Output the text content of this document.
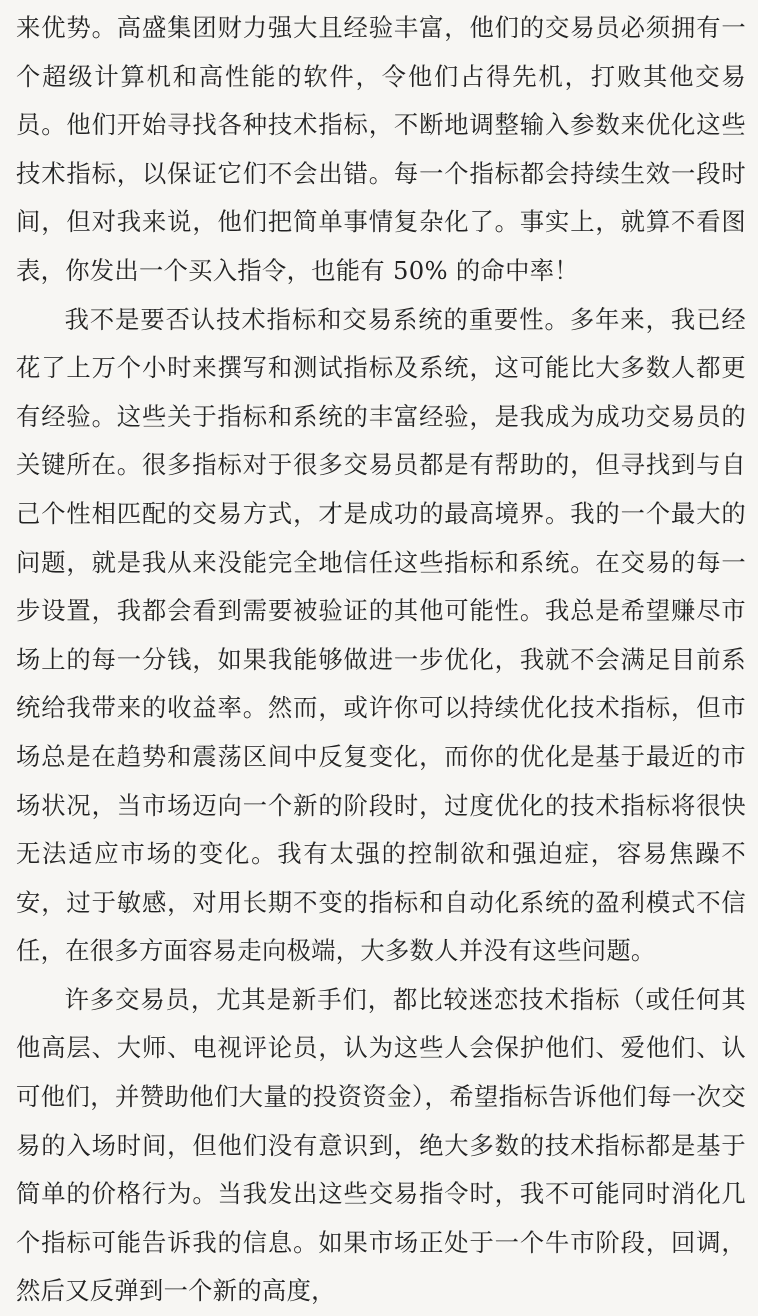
来优势。高盛集团财力强大且经验丰富，他们的交易员必须拥有一个超级计算机和高性能的软件，令他们占得先机，打败其他交易员。他们开始寻找各种技术指标，不断地调整输入参数来优化这些技术指标，以保证它们不会出错。每一个指标都会持续生效一段时间，但对我来说，他们把简单事情复杂化了。事实上，就算不看图表，你发出一个买入指令，也能有 50% 的命中率！

我不是要否认技术指标和交易系统的重要性。多年来，我已经花了上万个小时来撰写和测试指标及系统，这可能比大多数人都更有经验。这些关于指标和系统的丰富经验，是我成为成功交易员的关键所在。很多指标对于很多交易员都是有帮助的，但寻找到与自己个性相匹配的交易方式，才是成功的最高境界。我的一个最大的问题，就是我从来没能完全地信任这些指标和系统。在交易的每一步设置，我都会看到需要被验证的其他可能性。我总是希望赚尽市场上的每一分钱，如果我能够做进一步优化，我就不会满足目前系统给我带来的收益率。然而，或许你可以持续优化技术指标，但市场总是在趋势和震荡区间中反复变化，而你的优化是基于最近的市场状况，当市场迈向一个新的阶段时，过度优化的技术指标将很快无法适应市场的变化。我有太强的控制欲和强迫症，容易焦躁不安，过于敏感，对用长期不变的指标和自动化系统的盈利模式不信任，在很多方面容易走向极端，大多数人并没有这些问题。

许多交易员，尤其是新手们，都比较迷恋技术指标（或任何其他高层、大师、电视评论员，认为这些人会保护他们、爱他们、认可他们，并赞助他们大量的投资资金），希望指标告诉他们每一次交易的入场时间，但他们没有意识到，绝大多数的技术指标都是基于简单的价格行为。当我发出这些交易指令时，我不可能同时消化几个指标可能告诉我的信息。如果市场正处于一个牛市阶段，回调，然后又反弹到一个新的高度，
